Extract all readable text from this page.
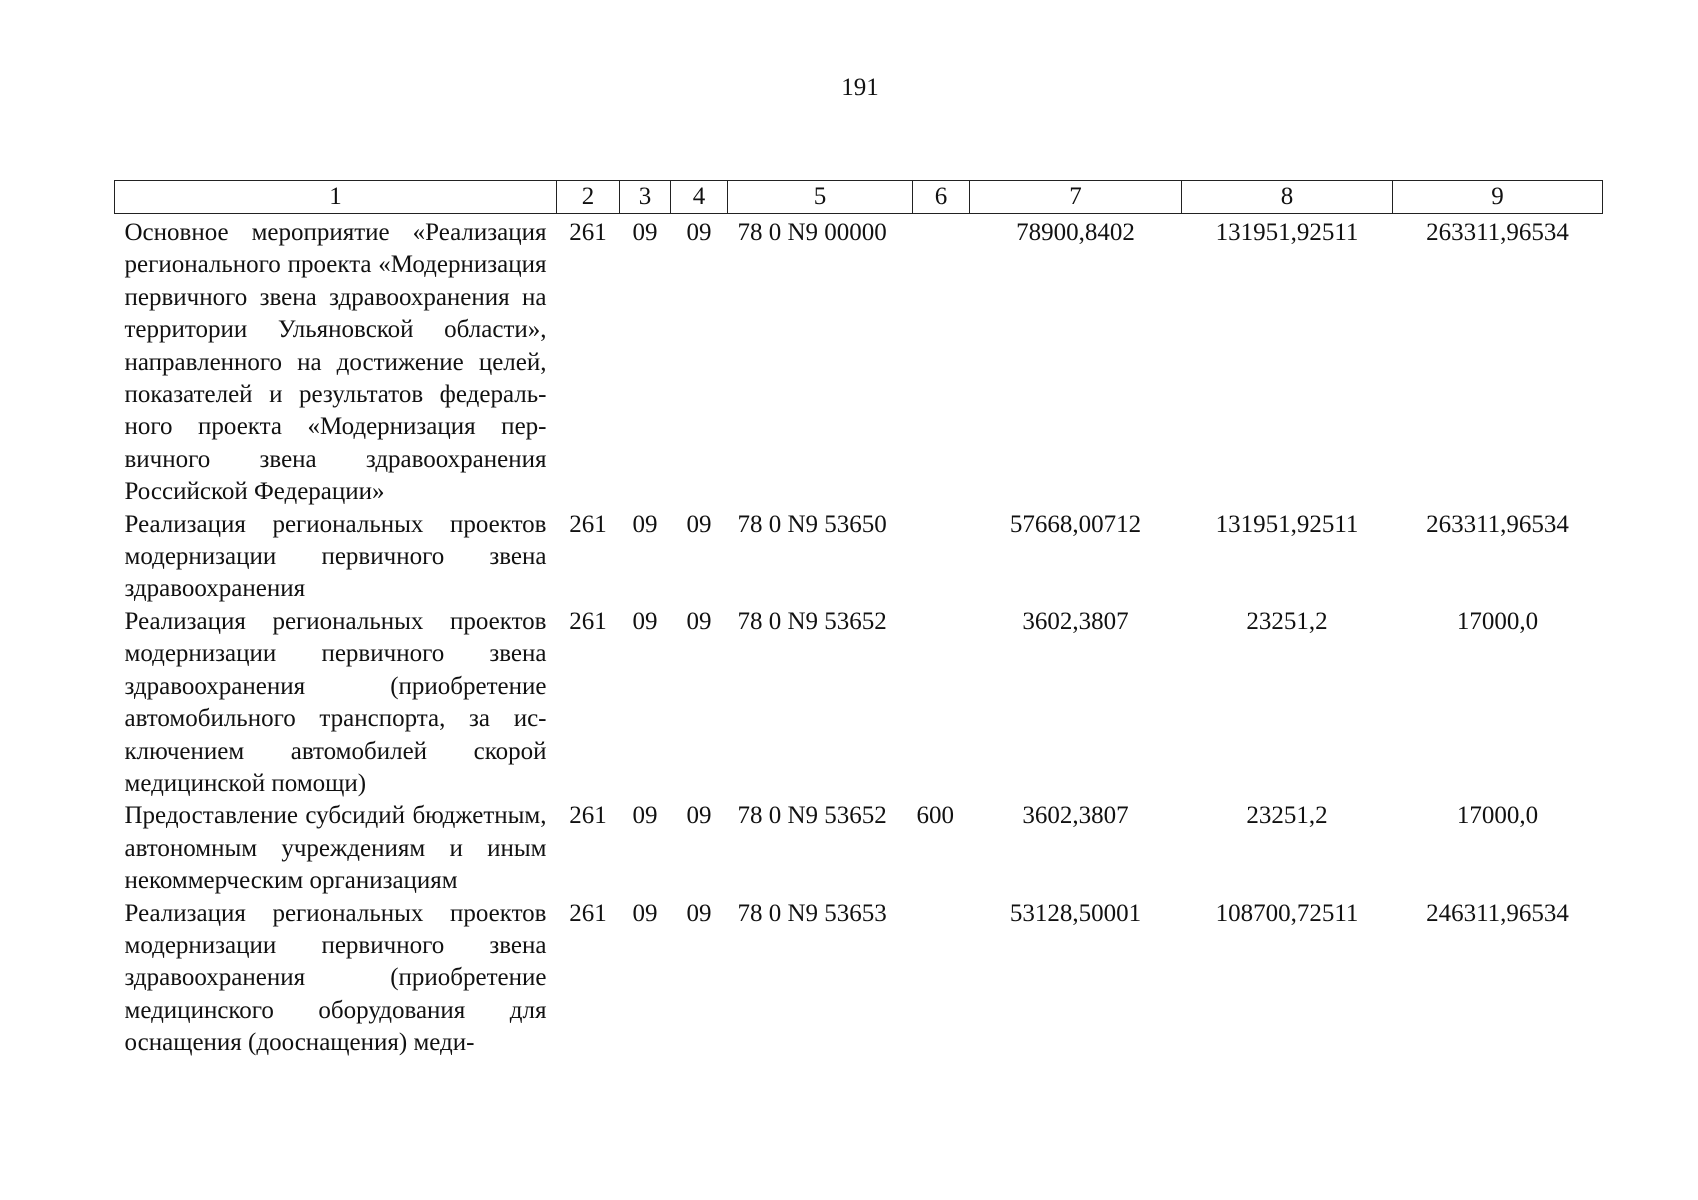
191
1	2	3	4	5	6	7	8	9
Основное мероприятие «Реализация регионального проекта «Модернизация первичного звена здравоохранения на территории Ульяновской области», направленного на достижение целей, показателей и результатов федерального проекта «Модернизация первичного звена здравоохранения Российской Федерации»	261	09	09	78 0 N9 00000		78900,8402	131951,92511	263311,96534
Реализация региональных проектов модернизации первичного звена здравоохранения	261	09	09	78 0 N9 53650		57668,00712	131951,92511	263311,96534
Реализация региональных проектов модернизации первичного звена здравоохранения (приобретение автомобильного транспорта, за исключением автомобилей скорой медицинской помощи)	261	09	09	78 0 N9 53652		3602,3807	23251,2	17000,0
Предоставление субсидий бюджетным, автономным учреждениям и иным некоммерческим организациям	261	09	09	78 0 N9 53652	600	3602,3807	23251,2	17000,0
Реализация региональных проектов модернизации первичного звена здравоохранения (приобретение медицинского оборудования для оснащения (дооснащения) меди-	261	09	09	78 0 N9 53653		53128,50001	108700,72511	246311,96534
